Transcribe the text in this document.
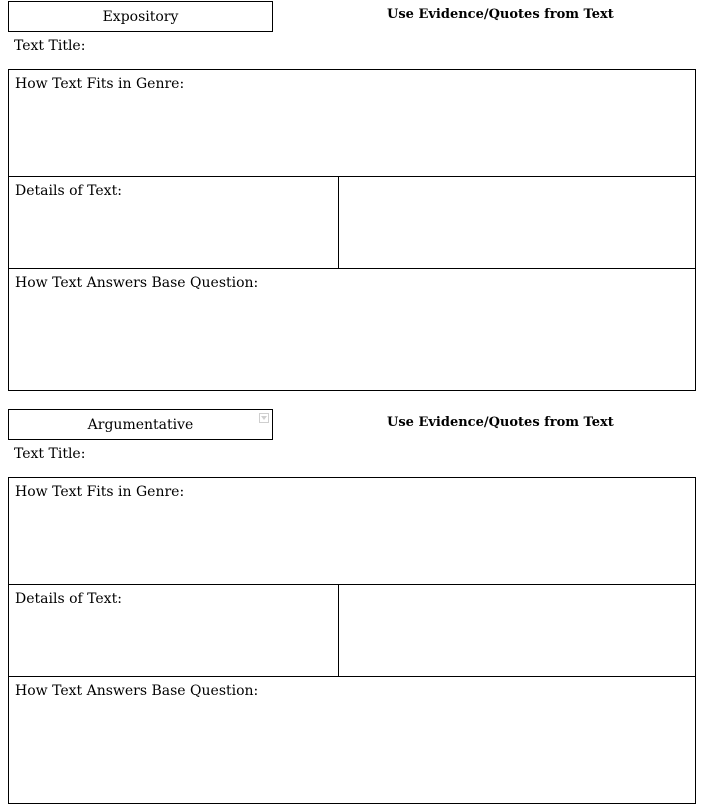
Expository	Use Evidence/Quotes from Text
Text Title:
How Text Fits in Genre:
Details of Text:
How Text Answers Base Question:
Argumentative	Use Evidence/Quotes from Text
Text Title:
How Text Fits in Genre:
Details of Text:
How Text Answers Base Question:
